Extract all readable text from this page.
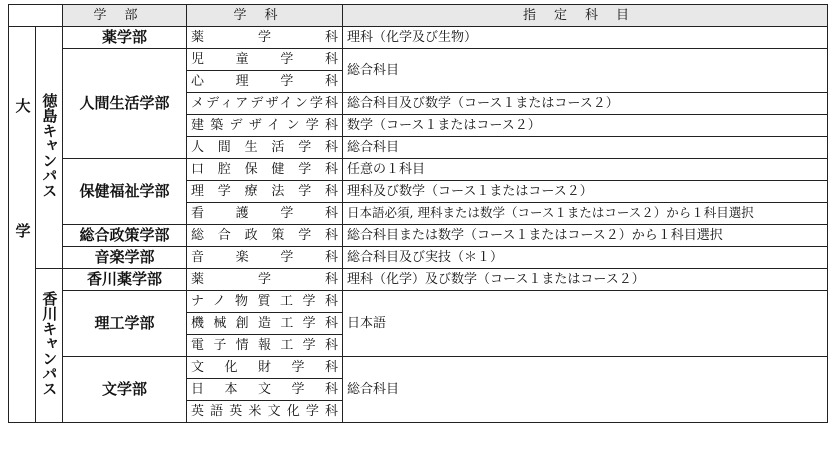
		学部	学科	指定科目
大学	徳島キャンパス	薬学部	薬学科	理科（化学及び生物）
		人間生活学部	児童学科	総合科目
			心理学科	
			メディアデザイン学科	総合科目及び数学（コース１またはコース２）
			建築デザイン学科	数学（コース１またはコース２）
			人間生活学科	総合科目
		保健福祉学部	口腔保健学科	任意の１科目
			理学療法学科	理科及び数学（コース１またはコース２）
			看護学科	日本語必須, 理科または数学（コース１またはコース２）から１科目選択
		総合政策学部	総合政策学科	総合科目または数学（コース１またはコース２）から１科目選択
		音楽学部	音楽学科	総合科目及び実技（＊１）
	香川キャンパス	香川薬学部	薬学科	理科（化学）及び数学（コース１またはコース２）
		理工学部	ナノ物質工学科	日本語
			機械創造工学科	
			電子情報工学科	
		文学部	文化財学科	総合科目
			日本文学科	
			英語英米文化学科	
